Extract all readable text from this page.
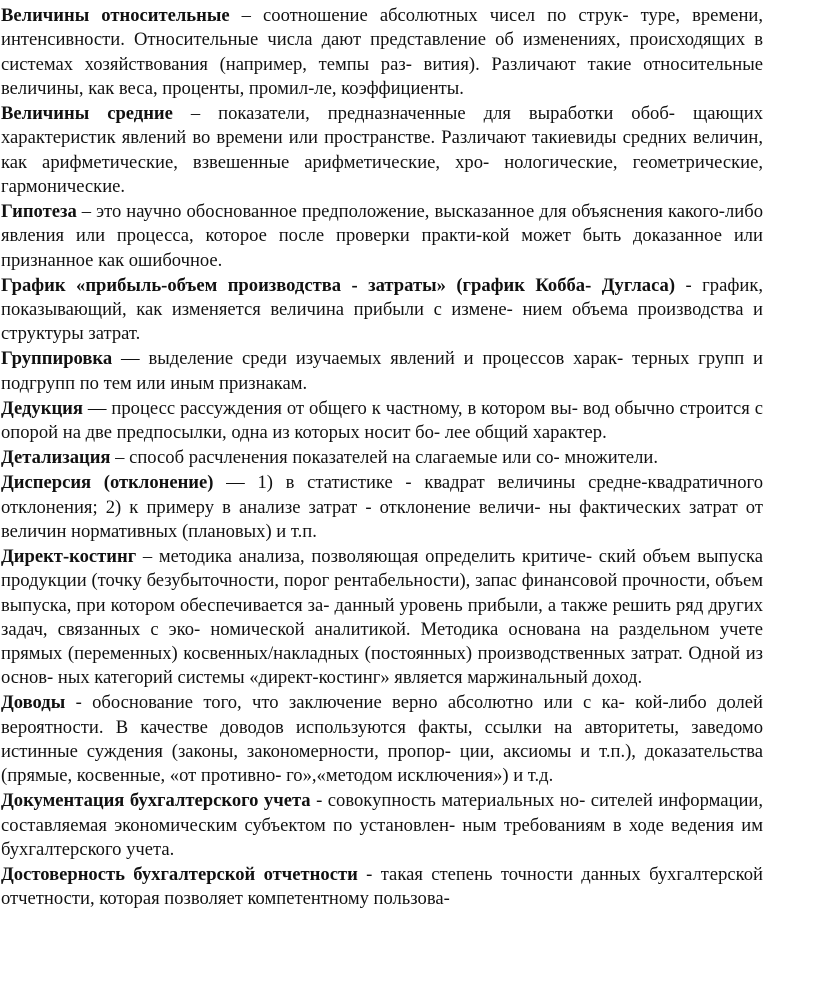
Величины относительные – соотношение абсолютных чисел по струк- туре, времени, интенсивности. Относительные числа дают представление об изменениях, происходящих в системах хозяйствования (например, темпы раз- вития). Различают такие относительные величины, как веса, проценты, промил-ле, коэффициенты.

Величины средние – показатели, предназначенные для выработки обоб- щающих характеристик явлений во времени или пространстве. Различают такиевиды средних величин, как арифметические, взвешенные арифметические, хро- нологические, геометрические, гармонические.

Гипотеза – это научно обоснованное предположение, высказанное для объяснения какого-либо явления или процесса, которое после проверки практи-кой может быть доказанное или признанное как ошибочное.

График «прибыль-объем производства - затраты» (график Кобба- Дугласа) - график, показывающий, как изменяется величина прибыли с измене- нием объема производства и структуры затрат.

Группировка — выделение среди изучаемых явлений и процессов харак- терных групп и подгрупп по тем или иным признакам.

Дедукция — процесс рассуждения от общего к частному, в котором вы- вод обычно строится с опорой на две предпосылки, одна из которых носит бо- лее общий характер.

Детализация – способ расчленения показателей на слагаемые или со- множители.

Дисперсия (отклонение) — 1) в статистике - квадрат величины средне-квадратичного отклонения; 2) к примеру в анализе затрат - отклонение величи- ны фактических затрат от величин нормативных (плановых) и т.п.

Директ-костинг – методика анализа, позволяющая определить критиче- ский объем выпуска продукции (точку безубыточности, порог рентабельности), запас финансовой прочности, объем выпуска, при котором обеспечивается за- данный уровень прибыли, а также решить ряд других задач, связанных с эко- номической аналитикой. Методика основана на раздельном учете прямых (переменных) косвенных/накладных (постоянных) производственных затрат. Одной из основ- ных категорий системы «директ-костинг» является маржинальный доход.

Доводы - обоснование того, что заключение верно абсолютно или с ка- кой-либо долей вероятности. В качестве доводов используются факты, ссылки на авторитеты, заведомо истинные суждения (законы, закономерности, пропор- ции, аксиомы и т.п.), доказательства (прямые, косвенные, «от противно- го»,«методом исключения») и т.д.

Документация бухгалтерского учета - совокупность материальных но- сителей информации, составляемая экономическим субъектом по установлен- ным требованиям в ходе ведения им бухгалтерского учета.

Достоверность бухгалтерской отчетности - такая степень точности данных бухгалтерской отчетности, которая позволяет компетентному пользова-
